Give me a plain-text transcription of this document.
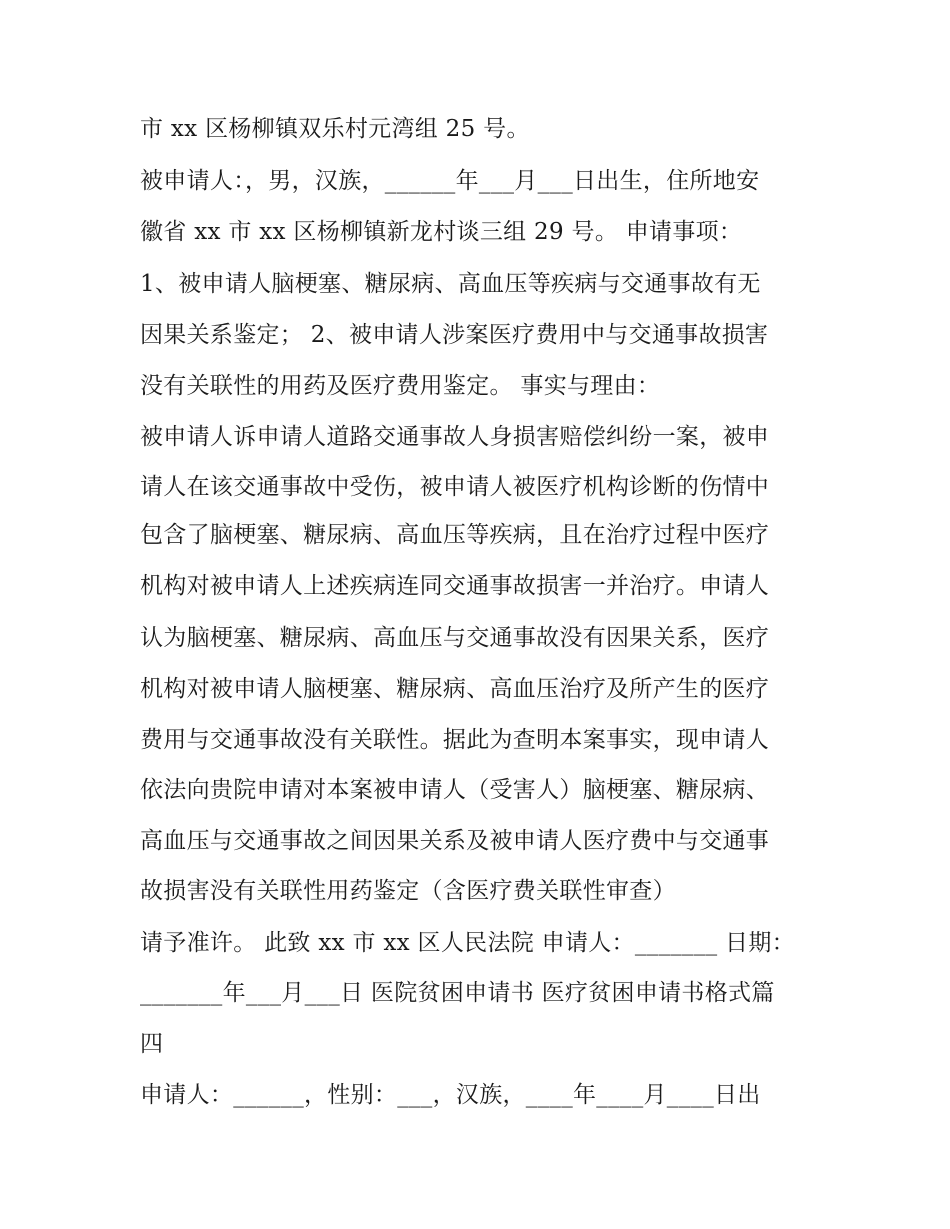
市 xx 区杨柳镇双乐村元湾组 25 号。
被申请人：，男，汉族，______年___月___日出生，住所地安
徽省 xx 市 xx 区杨柳镇新龙村谈三组 29 号。 申请事项：
1、被申请人脑梗塞、糖尿病、高血压等疾病与交通事故有无
因果关系鉴定； 2、被申请人涉案医疗费用中与交通事故损害
没有关联性的用药及医疗费用鉴定。 事实与理由：
被申请人诉申请人道路交通事故人身损害赔偿纠纷一案，被申
请人在该交通事故中受伤，被申请人被医疗机构诊断的伤情中
包含了脑梗塞、糖尿病、高血压等疾病，且在治疗过程中医疗
机构对被申请人上述疾病连同交通事故损害一并治疗。申请人
认为脑梗塞、糖尿病、高血压与交通事故没有因果关系，医疗
机构对被申请人脑梗塞、糖尿病、高血压治疗及所产生的医疗
费用与交通事故没有关联性。据此为查明本案事实，现申请人
依法向贵院申请对本案被申请人（受害人）脑梗塞、糖尿病、
高血压与交通事故之间因果关系及被申请人医疗费中与交通事
故损害没有关联性用药鉴定（含医疗费关联性审查）
请予准许。 此致 xx 市 xx 区人民法院 申请人：_______ 日期：
_______年___月___日 医院贫困申请书 医疗贫困申请书格式篇
四
申请人：______，性别：___，汉族，____年____月____日出
